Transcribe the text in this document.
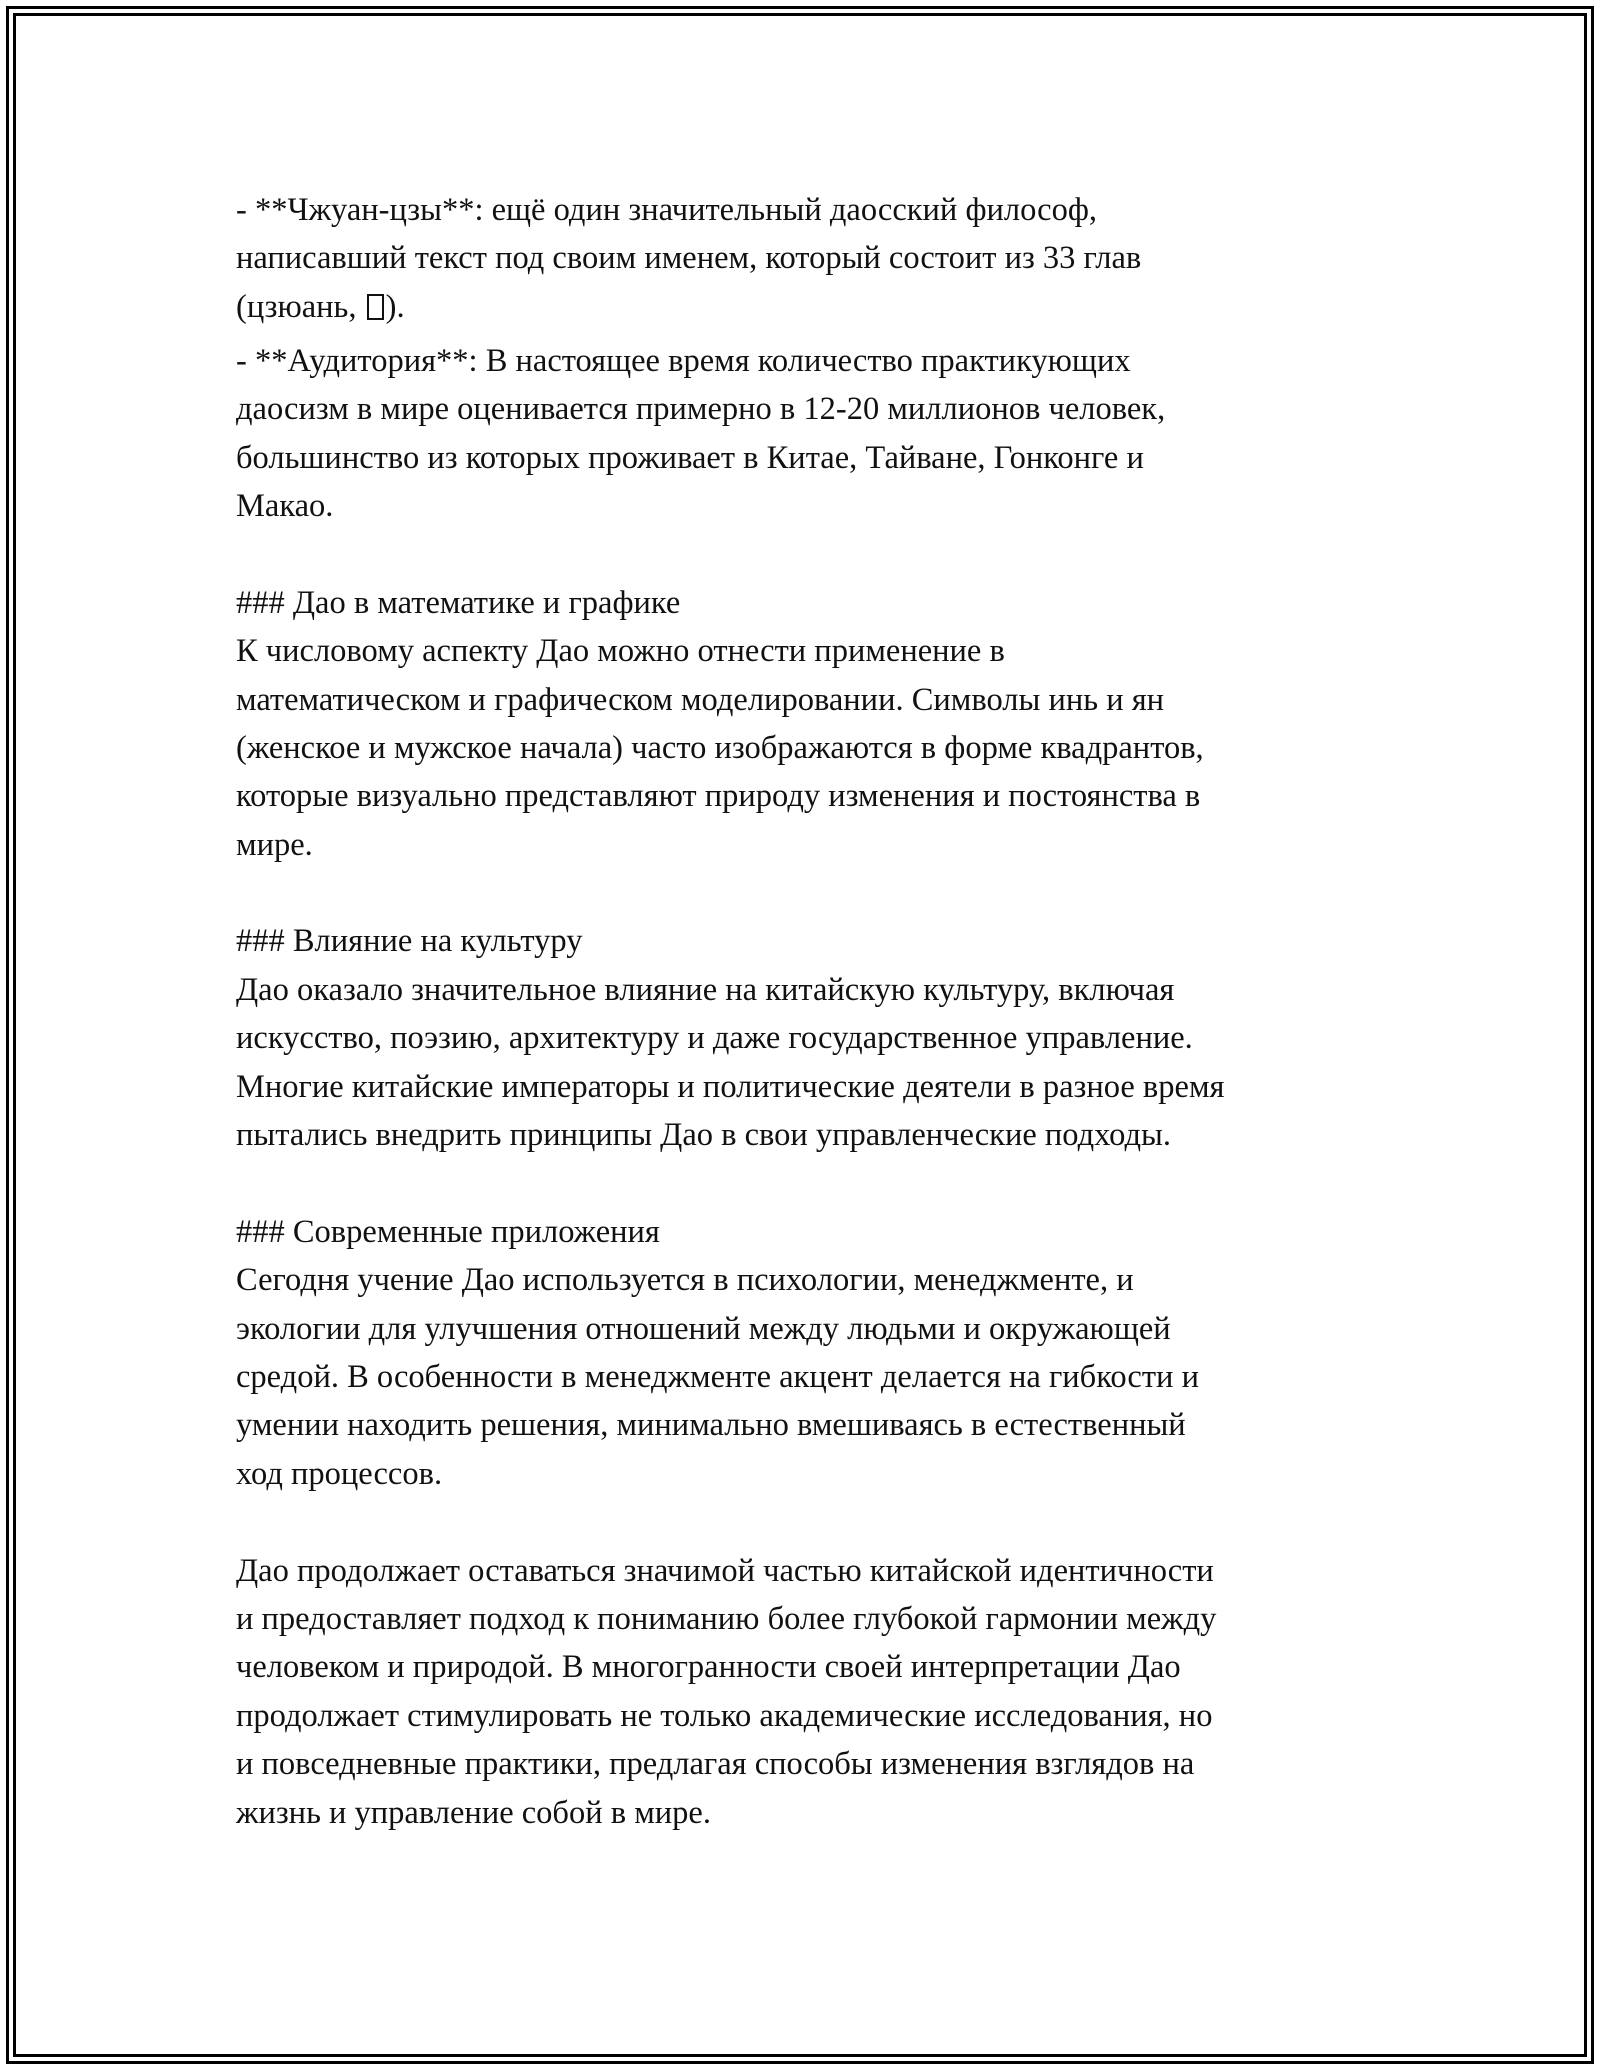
- **Чжуан-цзы**: ещё один значительный даосский философ,
написавший текст под своим именем, который состоит из 33 глав
(цзюань, ).
- **Аудитория**: В настоящее время количество практикующих
даосизм в мире оценивается примерно в 12-20 миллионов человек,
большинство из которых проживает в Китае, Тайване, Гонконге и
Макао.
### Дао в математике и графике
К числовому аспекту Дао можно отнести применение в
математическом и графическом моделировании. Символы инь и ян
(женское и мужское начала) часто изображаются в форме квадрантов,
которые визуально представляют природу изменения и постоянства в
мире.
### Влияние на культуру
Дао оказало значительное влияние на китайскую культуру, включая
искусство, поэзию, архитектуру и даже государственное управление.
Многие китайские императоры и политические деятели в разное время
пытались внедрить принципы Дао в свои управленческие подходы.
### Современные приложения
Сегодня учение Дао используется в психологии, менеджменте, и
экологии для улучшения отношений между людьми и окружающей
средой. В особенности в менеджменте акцент делается на гибкости и
умении находить решения, минимально вмешиваясь в естественный
ход процессов.
Дао продолжает оставаться значимой частью китайской идентичности
и предоставляет подход к пониманию более глубокой гармонии между
человеком и природой. В многогранности своей интерпретации Дао
продолжает стимулировать не только академические исследования, но
и повседневные практики, предлагая способы изменения взглядов на
жизнь и управление собой в мире.
